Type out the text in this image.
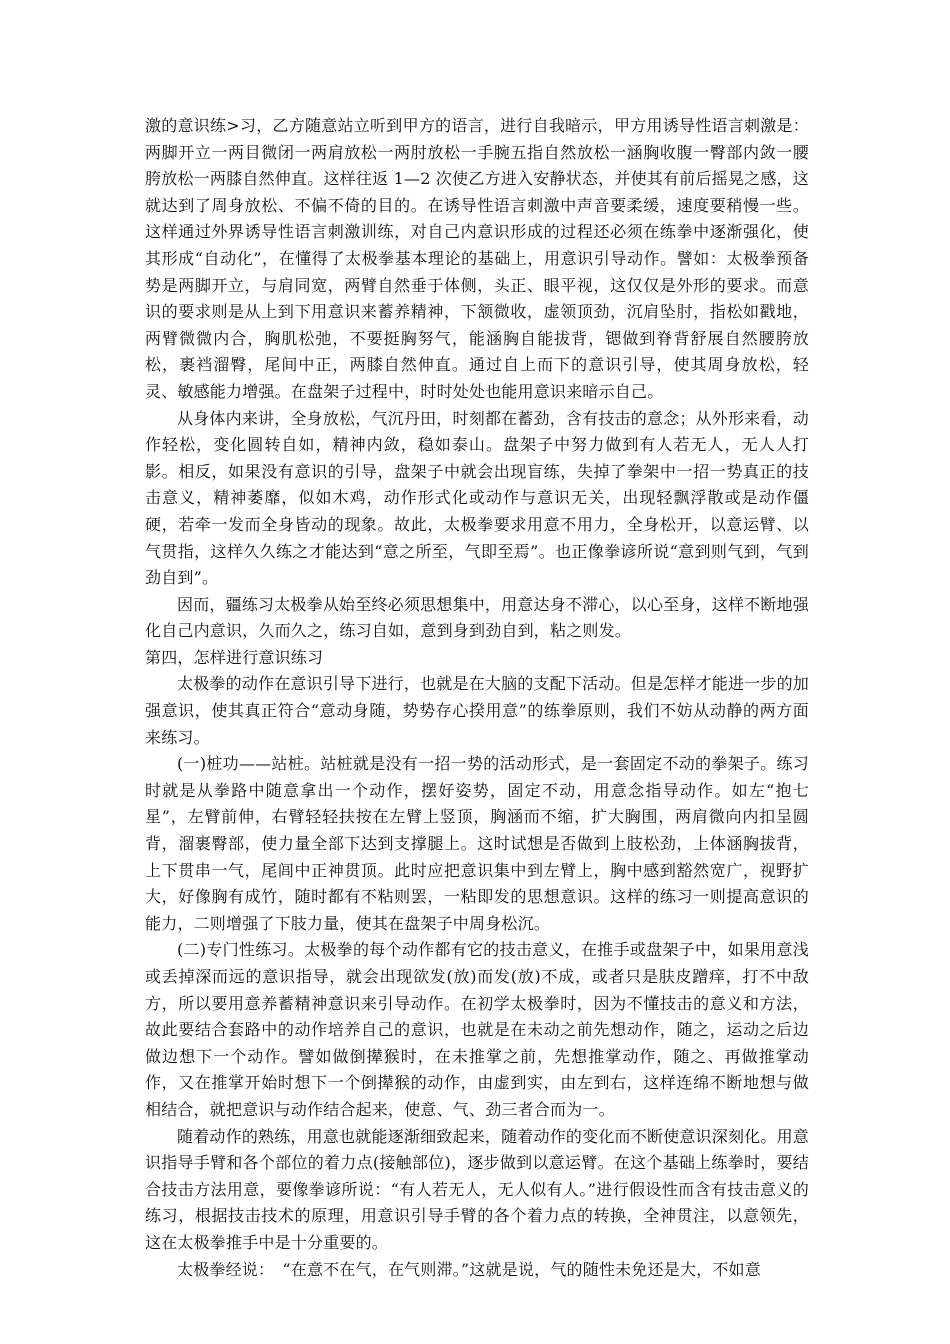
激的意识练>习，乙方随意站立听到甲方的语言，进行自我暗示，甲方用诱导性语言刺激是：两脚开立一两目微闭一两肩放松一两肘放松一手腕五指自然放松一涵胸收腹一臀部内敛一腰胯放松一两膝自然伸直。这样往返 1—2 次使乙方进入安静状态，并使其有前后摇晃之感，这就达到了周身放松、不偏不倚的目的。在诱导性语言刺激中声音要柔缓，速度要稍慢一些。这样通过外界诱导性语言刺激训练，对自己内意识形成的过程还必须在练拳中逐渐强化，使其形成“自动化”，在懂得了太极拳基本理论的基础上，用意识引导动作。譬如：太极拳预备势是两脚开立，与肩同宽，两臂自然垂于体侧，头正、眼平视，这仅仅是外形的要求。而意识的要求则是从上到下用意识来蓄养精神，下颔微收，虚领顶劲，沉肩坠肘，指松如戳地，两臂微微内合，胸肌松弛，不要挺胸努气，能涵胸自能拔背，锶做到脊背舒展自然腰胯放松，裹裆溜臀，尾间中正，两膝自然伸直。通过自上而下的意识引导，使其周身放松，轻灵、敏感能力增强。在盘架子过程中，时时处处也能用意识来暗示自己。

从身体内来讲，全身放松，气沉丹田，时刻都在蓄劲，含有技击的意念；从外形来看，动作轻松，变化圆转自如，精神内敛，稳如泰山。盘架子中努力做到有人若无人，无人人打影。相反，如果没有意识的引导，盘架子中就会出现盲练，失掉了拳架中一招一势真正的技击意义，精神萎靡，似如木鸡，动作形式化或动作与意识无关，出现轻飘浮散或是动作僵硬，若牵一发而全身皆动的现象。故此，太极拳要求用意不用力，全身松开，以意运臂、以气贯指，这样久久练之才能达到“意之所至，气即至焉”。也正像拳谚所说“意到则气到，气到劲自到”。

因而，疆练习太极拳从始至终必须思想集中，用意达身不滞心，以心至身，这样不断地强化自己内意识，久而久之，练习自如，意到身到劲自到，粘之则发。

第四，怎样进行意识练习

太极拳的动作在意识引导下进行，也就是在大脑的支配下活动。但是怎样才能进一步的加强意识，使其真正符合“意动身随，势势存心揆用意”的练拳原则，我们不妨从动静的两方面来练习。

(一)桩功——站桩。站桩就是没有一招一势的活动形式，是一套固定不动的拳架子。练习时就是从拳路中随意拿出一个动作，摆好姿势，固定不动，用意念指导动作。如左“抱七星”，左臂前伸，右臂轻轻扶按在左臂上竖顶，胸涵而不缩，扩大胸围，两肩微向内扣呈圆背，溜裹臀部，使力量全部下达到支撑腿上。这时试想是否做到上肢松劲，上体涵胸拔背，上下贯串一气，尾闾中正神贯顶。此时应把意识集中到左臂上，胸中感到豁然宽广，视野扩大，好像胸有成竹，随时都有不粘则罢，一粘即发的思想意识。这样的练习一则提高意识的能力，二则增强了下肢力量，使其在盘架子中周身松沉。

(二)专门性练习。太极拳的每个动作都有它的技击意义，在推手或盘架子中，如果用意浅或丢掉深而远的意识指导，就会出现欲发(放)而发(放)不成，或者只是肤皮蹭痒，打不中敌方，所以要用意养蓄精神意识来引导动作。在初学太极拳时，因为不懂技击的意义和方法，故此要结合套路中的动作培养自己的意识，也就是在未动之前先想动作，随之，运动之后边做边想下一个动作。譬如做倒撵猴时，在未推掌之前，先想推掌动作，随之、再做推掌动作，又在推掌开始时想下一个倒撵猴的动作，由虚到实，由左到右，这样连绵不断地想与做相结合，就把意识与动作结合起来，使意、气、劲三者合而为一。

随着动作的熟练，用意也就能逐渐细致起来，随着动作的变化而不断使意识深刻化。用意识指导手臂和各个部位的着力点(接触部位)，逐步做到以意运臂。在这个基础上练拳时，要结合技击方法用意，要像拳谚所说：“有人若无人，无人似有人。”进行假设性而含有技击意义的练习，根据技击技术的原理，用意识引导手臂的各个着力点的转换，全神贯注，以意领先，这在太极拳推手中是十分重要的。

太极拳经说：　“在意不在气，在气则滞。”这就是说，气的随性未免还是大，不如意
